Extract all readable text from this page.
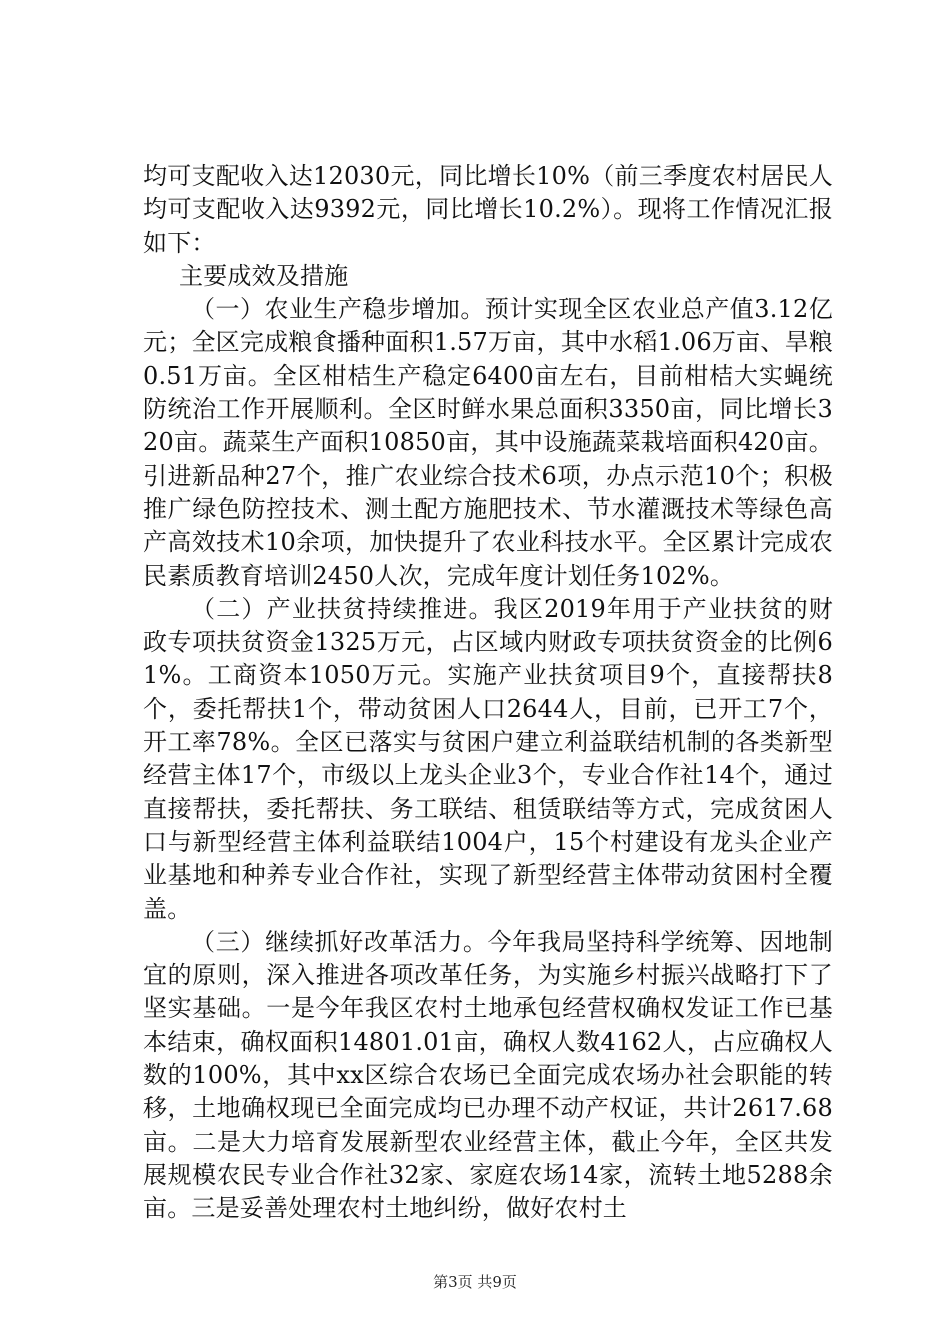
均可支配收入达12030元，同比增长10%（前三季度农村居民人均可支配收入达9392元，同比增长10.2%）。现将工作情况汇报如下：

主要成效及措施

（一）农业生产稳步增加。预计实现全区农业总产值3.12亿元；全区完成粮食播种面积1.57万亩，其中水稻1.06万亩、旱粮0.51万亩。全区柑桔生产稳定6400亩左右，目前柑桔大实蝇统防统治工作开展顺利。全区时鲜水果总面积3350亩，同比增长320亩。蔬菜生产面积10850亩，其中设施蔬菜栽培面积420亩。引进新品种27个，推广农业综合技术6项，办点示范10个；积极推广绿色防控技术、测土配方施肥技术、节水灌溉技术等绿色高产高效技术10余项，加快提升了农业科技水平。全区累计完成农民素质教育培训2450人次，完成年度计划任务102%。

（二）产业扶贫持续推进。我区2019年用于产业扶贫的财政专项扶贫资金1325万元，占区域内财政专项扶贫资金的比例61%。工商资本1050万元。实施产业扶贫项目9个，直接帮扶8个，委托帮扶1个，带动贫困人口2644人，目前，已开工7个，开工率78%。全区已落实与贫困户建立利益联结机制的各类新型经营主体17个，市级以上龙头企业3个，专业合作社14个，通过直接帮扶，委托帮扶、务工联结、租赁联结等方式，完成贫困人口与新型经营主体利益联结1004户，15个村建设有龙头企业产业基地和种养专业合作社，实现了新型经营主体带动贫困村全覆盖。

（三）继续抓好改革活力。今年我局坚持科学统筹、因地制宜的原则，深入推进各项改革任务，为实施乡村振兴战略打下了坚实基础。一是今年我区农村土地承包经营权确权发证工作已基本结束，确权面积14801.01亩，确权人数4162人，占应确权人数的100%，其中xx区综合农场已全面完成农场办社会职能的转移，土地确权现已全面完成均已办理不动产权证，共计2617.68亩。二是大力培育发展新型农业经营主体，截止今年，全区共发展规模农民专业合作社32家、家庭农场14家，流转土地5288余亩。三是妥善处理农村土地纠纷，做好农村土

第3页 共9页
